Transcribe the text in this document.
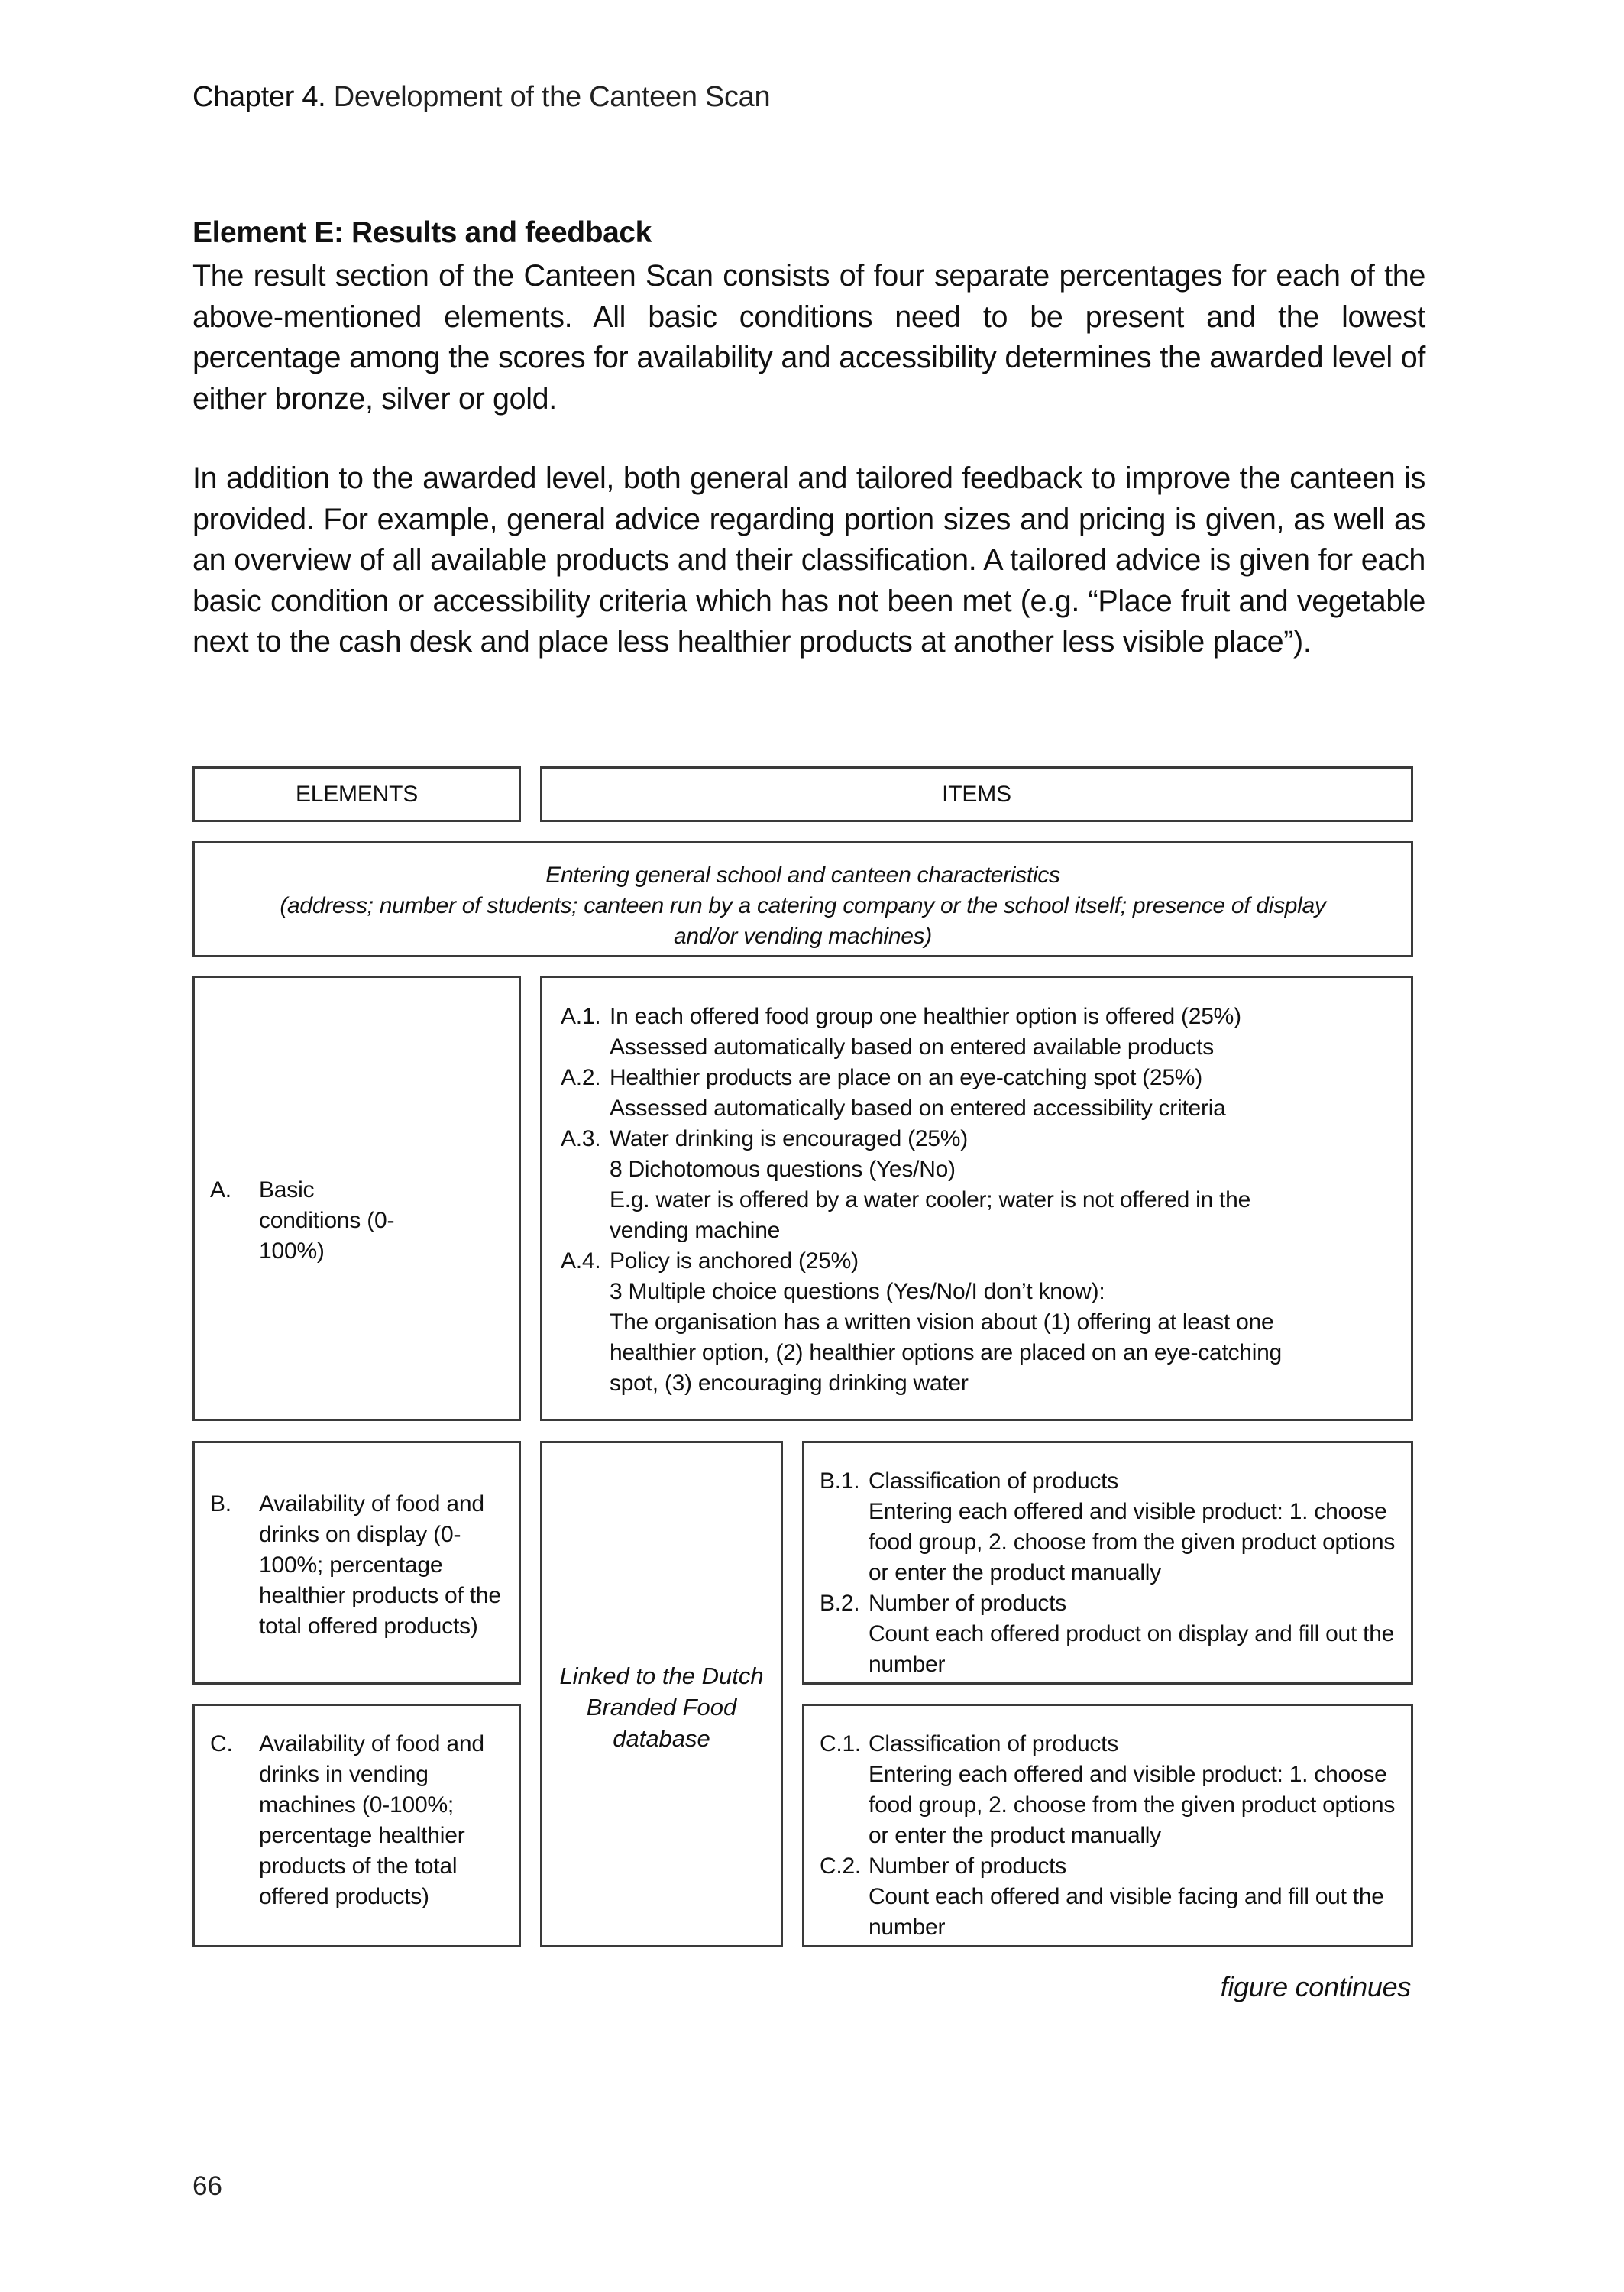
Chapter 4. Development of the Canteen Scan
Element E: Results and feedback

The result section of the Canteen Scan consists of four separate percentages for each of the above-mentioned elements. All basic conditions need to be present and the lowest percentage among the scores for availability and accessibility determines the awarded level of either bronze, silver or gold.

In addition to the awarded level, both general and tailored feedback to improve the canteen is provided. For example, general advice regarding portion sizes and pricing is given, as well as an overview of all available products and their classification. A tailored advice is given for each basic condition or accessibility criteria which has not been met (e.g. “Place fruit and vegetable next to the cash desk and place less healthier products at another less visible place”).

ELEMENTS	ITEMS
Entering general school and canteen characteristics
(address; number of students; canteen run by a catering company or the school itself; presence of display and/or vending machines)
A.	Basic conditions (0-100%)
A.1. In each offered food group one healthier option is offered (25%)
Assessed automatically based on entered available products
A.2. Healthier products are place on an eye-catching spot (25%)
Assessed automatically based on entered accessibility criteria
A.3. Water drinking is encouraged (25%)
8 Dichotomous questions (Yes/No)
E.g. water is offered by a water cooler; water is not offered in the vending machine
A.4. Policy is anchored (25%)
3 Multiple choice questions (Yes/No/I don’t know):
The organisation has a written vision about (1) offering at least one healthier option, (2) healthier options are placed on an eye-catching spot, (3) encouraging drinking water
B.	Availability of food and drinks on display (0-100%; percentage healthier products of the total offered products)
Linked to the Dutch Branded Food database
B.1. Classification of products
Entering each offered and visible product: 1. choose food group, 2. choose from the given product options or enter the product manually
B.2. Number of products
Count each offered product on display and fill out the number
C.	Availability of food and drinks in vending machines (0-100%; percentage healthier products of the total offered products)
C.1. Classification of products
Entering each offered and visible product: 1. choose food group, 2. choose from the given product options or enter the product manually
C.2. Number of products
Count each offered and visible facing and fill out the number
figure continues
66
